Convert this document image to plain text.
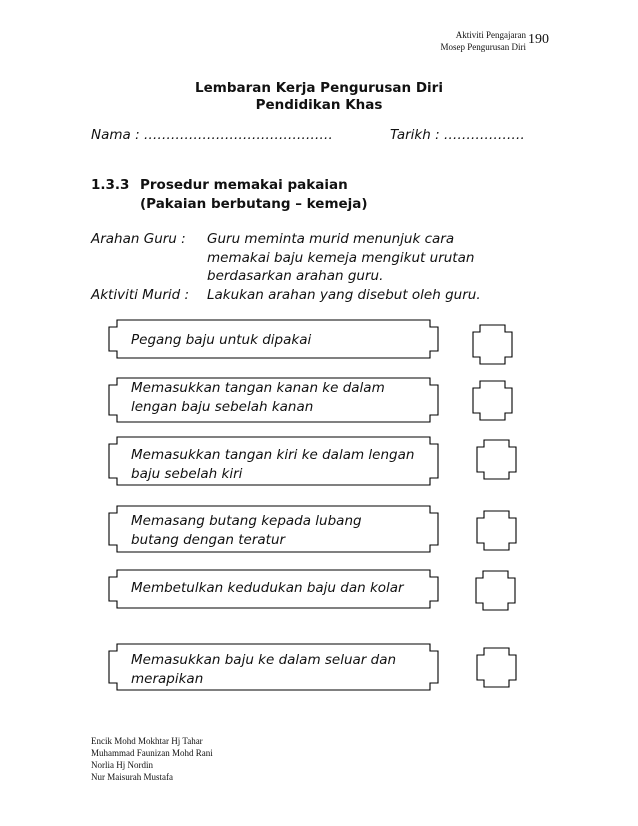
Aktiviti Pengajaran
Mosep Pengurusan Diri 190
Lembaran Kerja Pengurusan Diri
Pendidikan Khas
Nama : ……………………………………	Tarikh : ………………
1.3.3 Prosedur memakai pakaian
(Pakaian berbutang – kemeja)
Arahan Guru : Guru meminta murid menunjuk cara
memakai baju kemeja mengikut urutan
berdasarkan arahan guru.
Aktiviti Murid : Lakukan arahan yang disebut oleh guru.
Pegang baju untuk dipakai
Memasukkan tangan kanan ke dalam
lengan baju sebelah kanan
Memasukkan tangan kiri ke dalam lengan
baju sebelah kiri
Memasang butang kepada lubang
butang dengan teratur
Membetulkan kedudukan baju dan kolar
Memasukkan baju ke dalam seluar dan
merapikan
Encik Mohd Mokhtar Hj Tahar
Muhammad Faunizan Mohd Rani
Norlia Hj Nordin
Nur Maisurah Mustafa
